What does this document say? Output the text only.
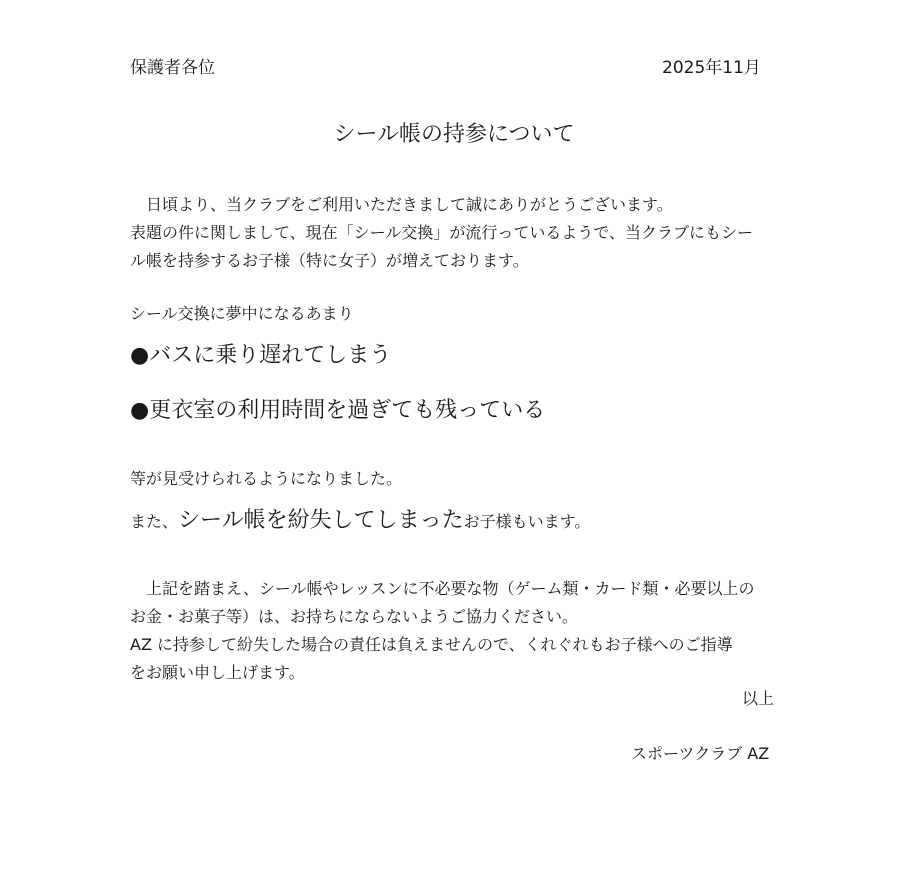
保護者各位	2025年11月
シール帳の持参について
　日頃より、当クラブをご利用いただきまして誠にありがとうございます。
表題の件に関しまして、現在「シール交換」が流行っているようで、当クラブにもシー
ル帳を持参するお子様（特に女子）が増えております。
シール交換に夢中になるあまり
●バスに乗り遅れてしまう
●更衣室の利用時間を過ぎても残っている
等が見受けられるようになりました。
また、シール帳を紛失してしまったお子様もいます。
　上記を踏まえ、シール帳やレッスンに不必要な物（ゲーム類・カード類・必要以上の
お金・お菓子等）は、お持ちにならないようご協力ください。
AZ に持参して紛失した場合の責任は負えませんので、くれぐれもお子様へのご指導
をお願い申し上げます。
以上
スポーツクラブ AZ
